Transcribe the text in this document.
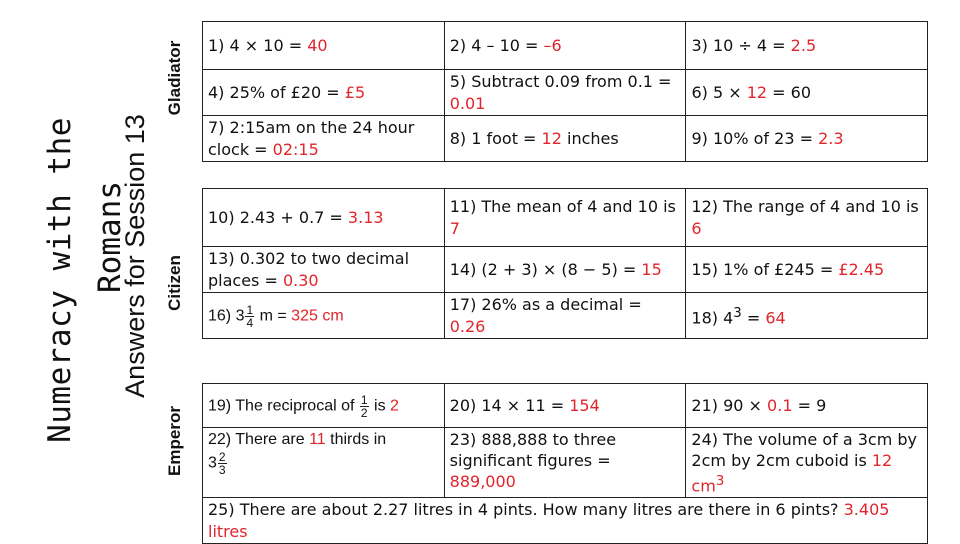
Numeracy with the Romans
Answers for Session 13
Gladiator
Citizen
Emperor
1) 4 × 10 = 40	2) 4 – 10 = –6	3) 10 ÷ 4 = 2.5
4) 25% of £20 = £5	5) Subtract 0.09 from 0.1 = 0.01	6) 5 × 12 = 60
7) 2:15am on the 24 hour clock = 02:15	8) 1 foot = 12 inches	9) 10% of 23 = 2.3
10) 2.43 + 0.7 = 3.13	11) The mean of 4 and 10 is 7	12) The range of 4 and 10 is 6
13) 0.302 to two decimal places = 0.30	14) (2 + 3) × (8 − 5) = 15	15) 1% of £245 = £2.45
16) $3 \frac{1}{4}$ m = 325 cm	17) 26% as a decimal = 0.26	18) $4^3 = 64$
19) The reciprocal of $\frac{1}{2}$ is 2	20) 14 × 11 = 154	21) 90 × 0.1 = 9
22) There are 11 thirds in
$3 \frac{2}{3}$	23) 888,888 to three significant figures = 889,000	24) The volume of a 3cm by 2cm by 2cm cuboid is 12 $cm^3$
25) There are about 2.27 litres in 4 pints. How many litres are there in 6 pints? 3.405 litres		
